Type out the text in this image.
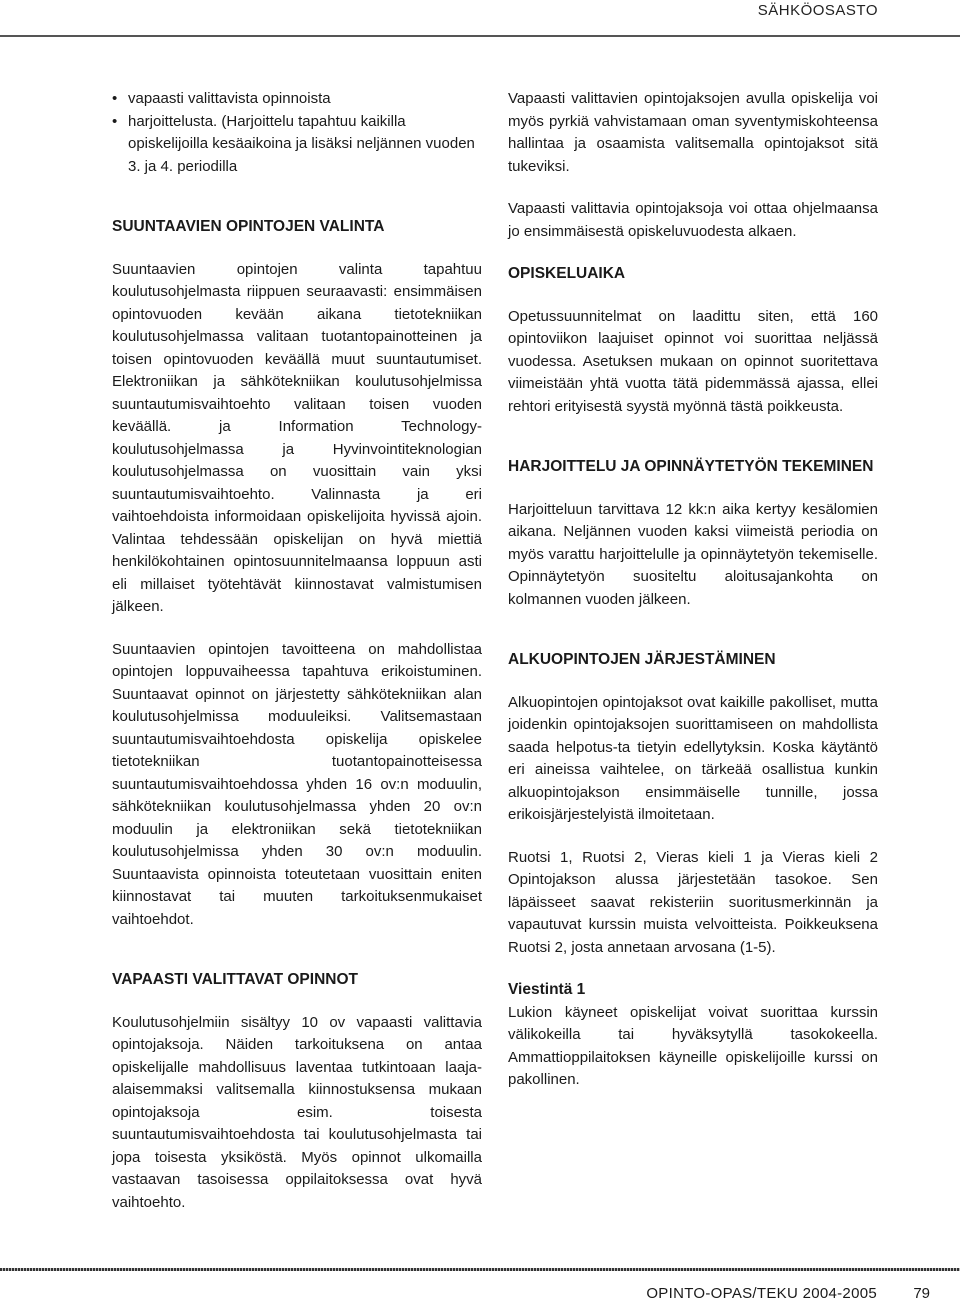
SÄHKÖOSASTO
• vapaasti valittavista opinnoista
• harjoittelusta. (Harjoittelu tapahtuu kaikilla opiskelijoilla kesäaikoina ja lisäksi neljännen vuoden 3. ja 4. periodilla
SUUNTAAVIEN OPINTOJEN VALINTA

Suuntaavien opintojen valinta tapahtuu koulutusohjelmasta riippuen seuraavasti: ensimmäisen opintovuoden kevään aikana tietotekniikan koulutusohjelmassa valitaan tuotantopainotteinen ja toisen opintovuoden keväällä muut suuntautumiset. Elektroniikan ja sähkötekniikan koulutusohjelmissa suuntautumisvaihtoehto valitaan toisen vuoden keväällä. ja Information Technology- koulutusohjelmassa ja Hyvinvointiteknologian koulutusohjelmassa on vuosittain vain yksi suuntautumisvaihtoehto. Valinnasta ja eri vaihtoehdoista informoidaan opiskelijoita hyvissä ajoin. Valintaa tehdessään opiskelijan on hyvä miettiä henkilökohtainen opintosuunnitelmaansa loppuun asti eli millaiset työtehtävät kiinnostavat valmistumisen jälkeen.

Suuntaavien opintojen tavoitteena on mahdollistaa opintojen loppuvaiheessa tapahtuva erikoistuminen. Suuntaavat opinnot on järjestetty sähkötekniikan alan koulutusohjelmissa moduuleiksi. Valitsemastaan suuntautumisvaihtoehdosta opiskelija opiskelee tietotekniikan tuotantopainotteisessa suuntautumisvaihtoehdossa yhden 16 ov:n moduulin, sähkötekniikan koulutusohjelmassa yhden 20 ov:n moduulin ja elektroniikan sekä tietotekniikan koulutusohjelmissa yhden 30 ov:n moduulin. Suuntaavista opinnoista toteutetaan vuosittain eniten kiinnostavat tai muuten tarkoituksenmukaiset vaihtoehdot.

VAPAASTI VALITTAVAT OPINNOT

Koulutusohjelmiin sisältyy 10 ov vapaasti valittavia opintojaksoja. Näiden tarkoituksena on antaa opiskelijalle mahdollisuus laventaa tutkintoaan laaja-alaisemmaksi valitsemalla kiinnostuksensa mukaan opintojaksoja esim. toisesta suuntautumisvaihtoehdosta tai koulutusohjelmasta tai jopa toisesta yksiköstä. Myös opinnot ulkomailla vastaavan tasoisessa oppilaitoksessa ovat hyvä vaihtoehto.

Vapaasti valittavien opintojaksojen avulla opiskelija voi myös pyrkiä vahvistamaan oman syventymiskohteensa hallintaa ja osaamista valitsemalla opintojaksot sitä tukeviksi.

Vapaasti valittavia opintojaksoja voi ottaa ohjelmaansa jo ensimmäisestä opiskeluvuodesta alkaen.

OPISKELUAIKA

Opetussuunnitelmat on laadittu siten, että 160 opintoviikon laajuiset opinnot voi suorittaa neljässä vuodessa. Asetuksen mukaan on opinnot suoritettava viimeistään yhtä vuotta tätä pidemmässä ajassa, ellei rehtori erityisestä syystä myönnä tästä poikkeusta.

HARJOITTELU JA OPINNÄYTETYÖN TEKEMINEN

Harjoitteluun tarvittava 12 kk:n aika kertyy kesälomien aikana. Neljännen vuoden kaksi viimeistä periodia on myös varattu harjoittelulle ja opinnäytetyön tekemiselle. Opinnäytetyön suositeltu aloitusajankohta on kolmannen vuoden jälkeen.

ALKUOPINTOJEN JÄRJESTÄMINEN

Alkuopintojen opintojaksot ovat kaikille pakolliset, mutta joidenkin opintojaksojen suorittamiseen on mahdollista saada helpotus-ta tietyin edellytyksin. Koska käytäntö eri aineissa vaihtelee, on tärkeää osallistua kunkin alkuopintojakson ensimmäiselle tunnille, jossa erikoisjärjestelyistä ilmoitetaan.

Ruotsi 1, Ruotsi 2, Vieras kieli 1 ja Vieras kieli 2 Opintojakson alussa järjestetään tasokoe. Sen läpäisseet saavat rekisteriin suoritusmerkinnän ja vapautuvat kurssin muista velvoitteista. Poikkeuksena Ruotsi 2, josta annetaan arvosana (1-5).

Viestintä 1

Lukion käyneet opiskelijat voivat suorittaa kurssin välikokeilla tai hyväksytyllä tasokokeella. Ammattioppilaitoksen käyneille opiskelijoille kurssi on pakollinen.

OPINTO-OPAS/TEKU 2004-2005 79
